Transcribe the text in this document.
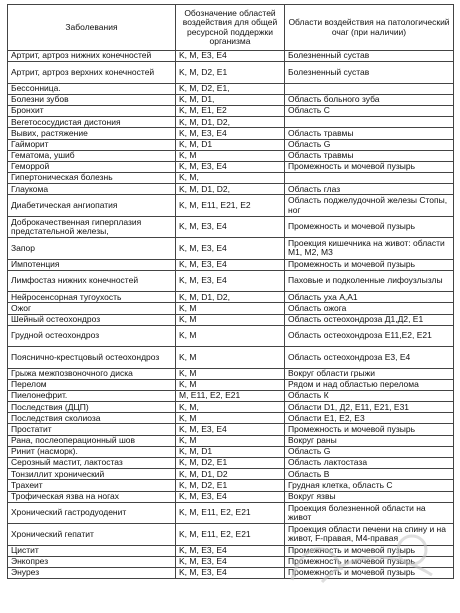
Заболевания	Обозначение областей воздействия для общей ресурсной поддержки организма	Области воздействия на патологический очаг (при наличии)
Артрит, артроз нижних конечностей	K, M, E3, E4	Болезненный сустав
Артрит, артроз верхних конечностей	K, M, D2, E1	Болезненный сустав
Бессонница.	K, M, D2, E1,	
Болезни зубов	K, M, D1,	Область больного зуба
Бронхит	K, M, E1, E2	Область С
Вегетососудистая дистония	K, M, D1, D2,	
Вывих, растяжение	K, M, E3, E4	Область травмы
Гайморит	K, M, D1	Область G
Гематома, ушиб	K, M	Область травмы
Геморрой	K, M, E3, E4	Промежность и мочевой пузырь
Гипертоническая болезнь	K, M,	
Глаукома	K, M, D1, D2,	Область глаз
Диабетическая ангиопатия	K, M, E11, E21, E2	Область поджелудочной железы Стопы, ног
Доброкачественная гиперплазия предстательной железы,	K, M, E3, E4	Промежность и мочевой пузырь
Запор	K, M, E3, E4	Проекция кишечника на живот: области М1, М2, М3
Импотенция	K, M, E3, E4	Промежность и мочевой пузырь
Лимфостаз нижних конечностей	K, M, E3, E4	Паховые и подколенные лифоузлызлы
Нейросенсорная тугоухость	K, M, D1, D2,	Область уха A,A1
Ожог	K, M	Область ожога
Шейный остеохондроз	K, M	Область остеохондроза Д1,Д2, E1
Грудной остеохондроз	K, M	Область остеохондроза E11,E2, E21
Пояснично-крестцовый остеохондроз	K, M	Область остеохондроза E3, E4
Грыжа межпозвоночного диска	K, M	Вокруг области грыжи
Перелом	K, M	Рядом и над областью перелома
Пиелонефрит.	M, E11, E2, E21	Область К
Последствия (ДЦП)	K, M,	Области D1, Д2, E11, E21, E31
Последствия сколиоза	K, M	Области E1, E2, E3
Простатит	K, M, E3, E4	Промежность и мочевой пузырь
Рана, послеоперационный шов	K, M	Вокруг раны
Ринит (насморк).	K, M, D1	Область G
Серозный мастит, лактостаз	K, M, D2, E1	Область лактостаза
Тонзиллит хронический	K, M, D1, D2	Область В
Трахеит	K, M, D2, E1	Грудная клетка, область С
Трофическая язва на ногах	K, M, E3, E4	Вокруг язвы
Хронический гастродуоденит	K, M, E11, E2, E21	Проекция болезненной области на живот
Хронический гепатит	K, M, E11, E2, E21	Проекция области печени на спину и на живот, F-правая, M4-правая
Цистит	K, M, E3, E4	Промежность и мочевой пузырь
Энкопрез	K, M, E3, E4	Промежность и мочевой пузырь
Энурез	K, M, E3, E4	Промежность и мочевой пузырь
